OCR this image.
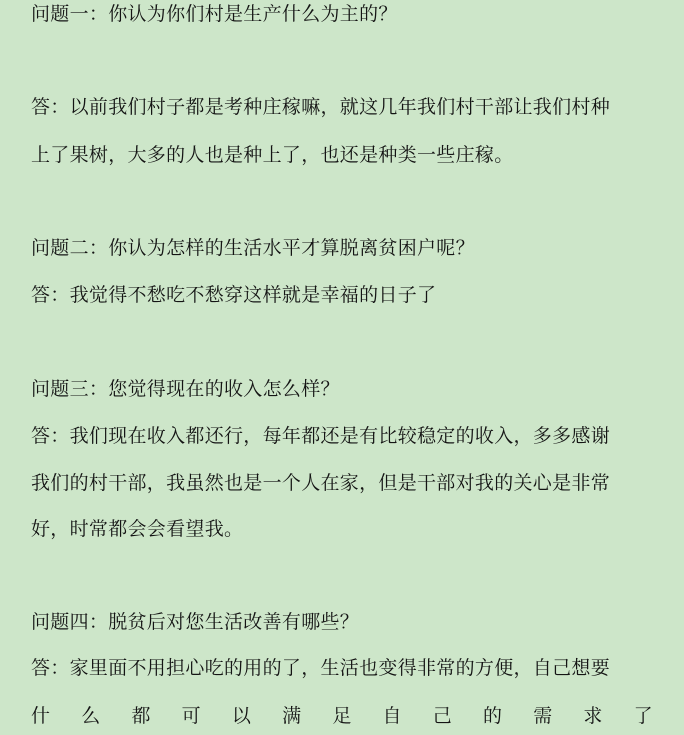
问题一：你认为你们村是生产什么为主的？
答：以前我们村子都是考种庄稼嘛，就这几年我们村干部让我们村种
上了果树，大多的人也是种上了，也还是种类一些庄稼。
问题二：你认为怎样的生活水平才算脱离贫困户呢？
答：我觉得不愁吃不愁穿这样就是幸福的日子了
问题三：您觉得现在的收入怎么样？
答：我们现在收入都还行，每年都还是有比较稳定的收入，多多感谢
我们的村干部，我虽然也是一个人在家，但是干部对我的关心是非常
好，时常都会会看望我。
问题四：脱贫后对您生活改善有哪些？
答：家里面不用担心吃的用的了，生活也变得非常的方便，自己想要
什 么 都 可 以 满 足 自 己 的 需 求 了
